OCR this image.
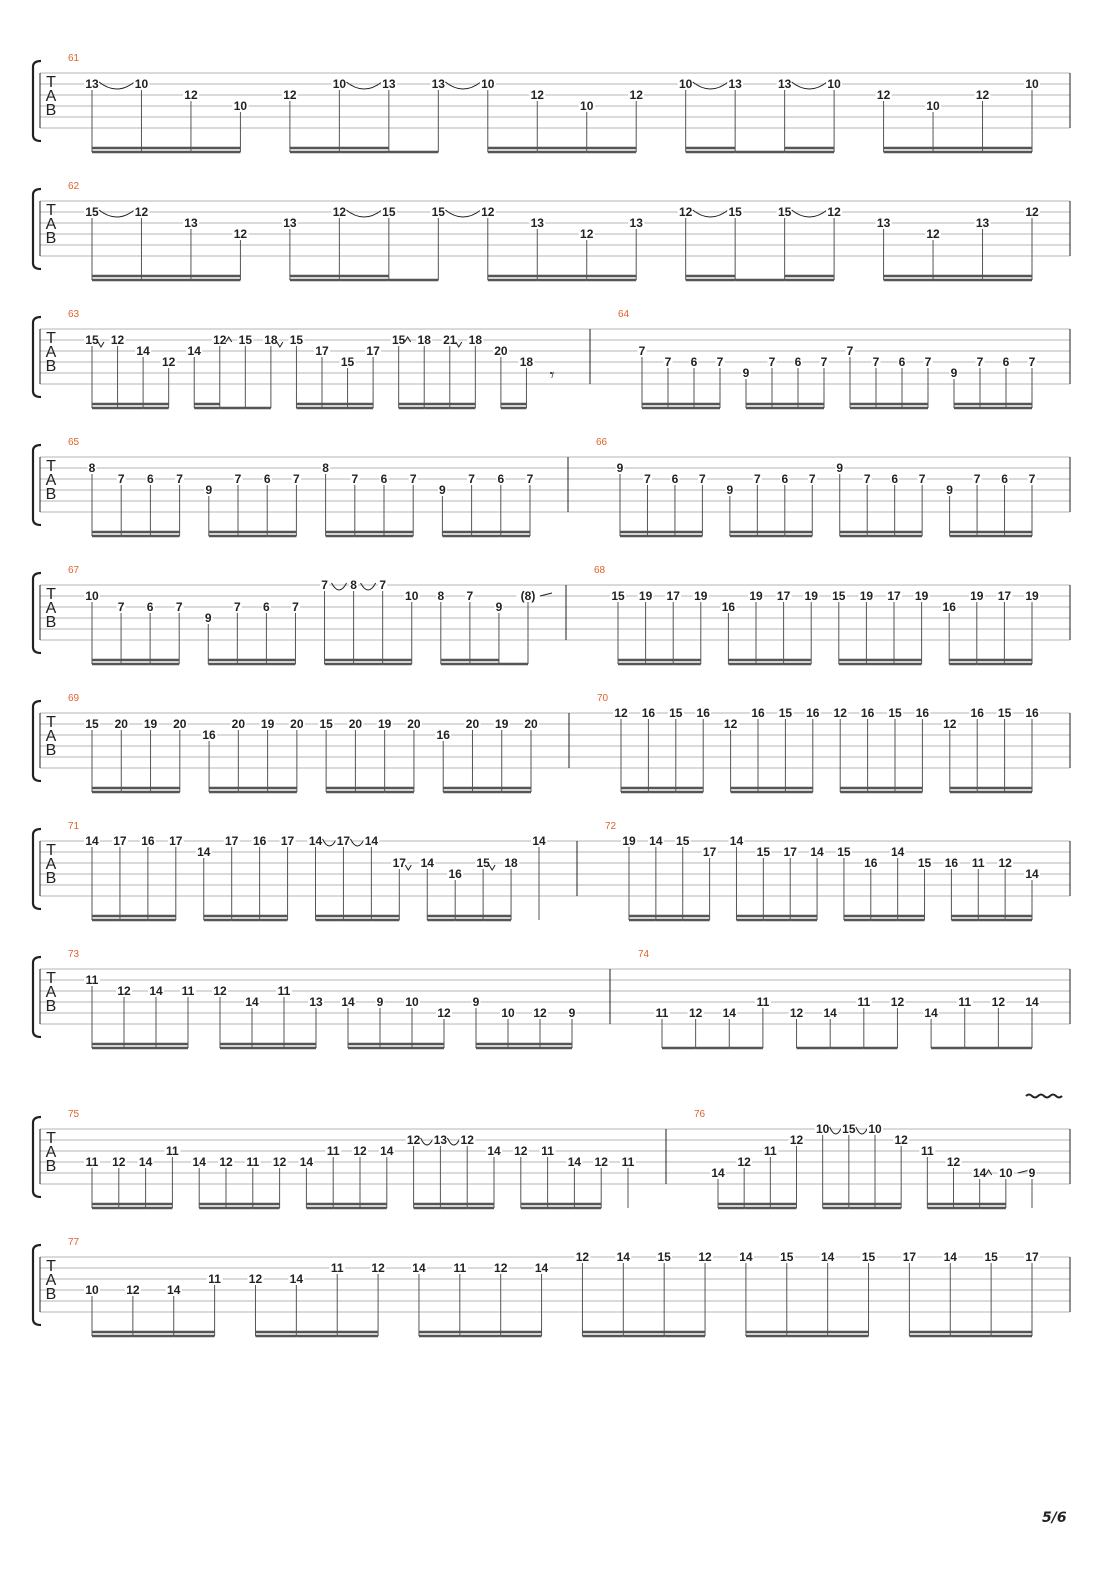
T
A
B
61
13	10
12
10
12
10	13	13	10
12
10
12
10	13	13	10
12
10
12
10
T
A
B
62
15	12
13
12
13
12	15	15	12
13
12
13
12	15	15	12
13
12
13
12
T
A
B
63
15 12
14
12
14
12 15 18 15
17
15
17
15 18 21 18
20
18
𝄾
64
7
7 6 7
9
7 6 7
7
7 6 7
9
7 6 7
T
A
B
65
8
7 6 7
9
7 6 7
8
7 6 7
9
7 6 7
66
9
7 6 7
9
7 6 7
9
7 6 7
9
7 6 7
T
A
B
67
10
7 6 7
9
7 6 7
7 8 7
10 8 7
9
(8)
68
15 19 17 19
16
19 17 19 15 19 17 19
16
19 17 19
T
A
B
69
15 20 19 20
16
20 19 20 15 20 19 20
16
20 19 20
70
12 16 15 16
12
16 15 16 12 16 15 16
12
16 15 16
T
A
B
71
14 17 16 17
14
17 16 17 14 17 14
17 14
16
15 18
14
72
19 14 15
17
14
15 17 14 15
16
14
15 16 11 12
14
T
A
B
73
11
12 14 11 12
14
11
13 14 9 10
12
9
10 12 9
74
11 12 14
11
12 14
11 12
14
11 12 14
T
A
B
75
11 12 14
11
14 12 11 12 14
11 12 14
12 13 12
14 12 11
14 12 11
76
14
12
11
12
10 15 10
12
11
12
14 10 9
T
A
B
77
10 12 14
11 12 14
11 12 14 11 12 14
12 14 15 12 14 15 14 15 17 14 15 17
5/6
